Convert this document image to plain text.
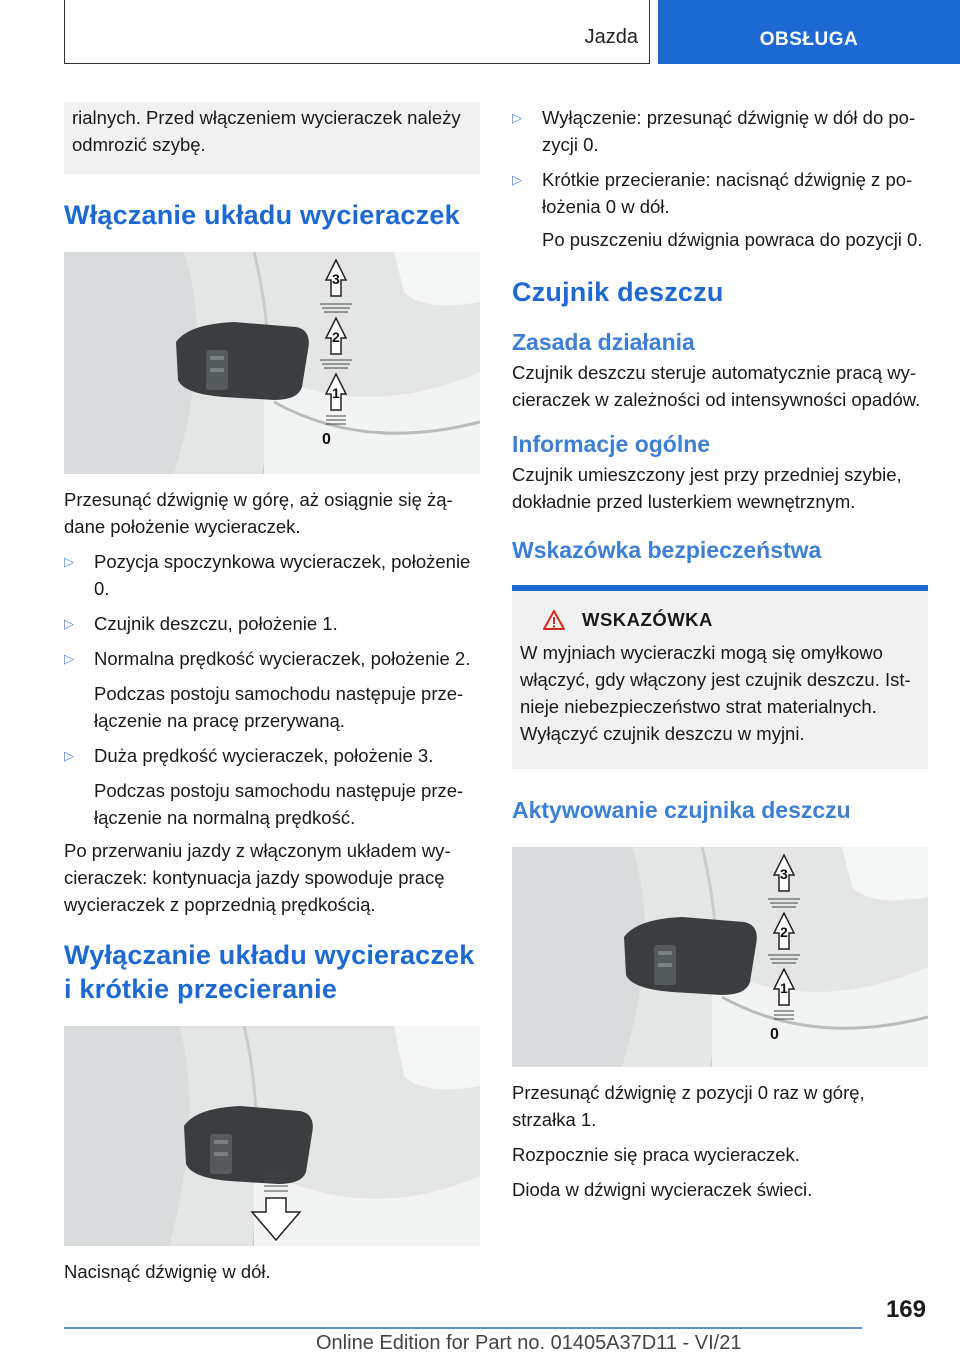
Jazda	OBSŁUGA
rialnych. Przed włączeniem wycieraczek należy odmrozić szybę.
Włączanie układu wycieraczek
3
2
1
0
Przesunąć dźwignię w górę, aż osiągnie się żądane położenie wycieraczek.
▷ Pozycja spoczynkowa wycieraczek, położenie 0.
▷ Czujnik deszczu, położenie 1.
▷ Normalna prędkość wycieraczek, położenie 2.
Podczas postoju samochodu następuje przełączenie na pracę przerywaną.
▷ Duża prędkość wycieraczek, położenie 3.
Podczas postoju samochodu następuje przełączenie na normalną prędkość.
Po przerwaniu jazdy z włączonym układem wycieraczek: kontynuacja jazdy spowoduje pracę wycieraczek z poprzednią prędkością.
Wyłączanie układu wycieraczek i krótkie przecieranie
Nacisnąć dźwignię w dół.
▷ Wyłączenie: przesunąć dźwignię w dół do pozycji 0.
▷ Krótkie przecieranie: nacisnąć dźwignię z położenia 0 w dół.
Po puszczeniu dźwignia powraca do pozycji 0.
Czujnik deszczu
Zasada działania
Czujnik deszczu steruje automatycznie pracą wycieraczek w zależności od intensywności opadów.
Informacje ogólne
Czujnik umieszczony jest przy przedniej szybie, dokładnie przed lusterkiem wewnętrznym.
Wskazówka bezpieczeństwa
WSKAZÓWKA
W myjniach wycieraczki mogą się omyłkowo włączyć, gdy włączony jest czujnik deszczu. Istnieje niebezpieczeństwo strat materialnych. Wyłączyć czujnik deszczu w myjni.
Aktywowanie czujnika deszczu
3
2
1
0
Przesunąć dźwignię z pozycji 0 raz w górę, strzałka 1.
Rozpocznie się praca wycieraczek.
Dioda w dźwigni wycieraczek świeci.
169
Online Edition for Part no. 01405A37D11 - VI/21
